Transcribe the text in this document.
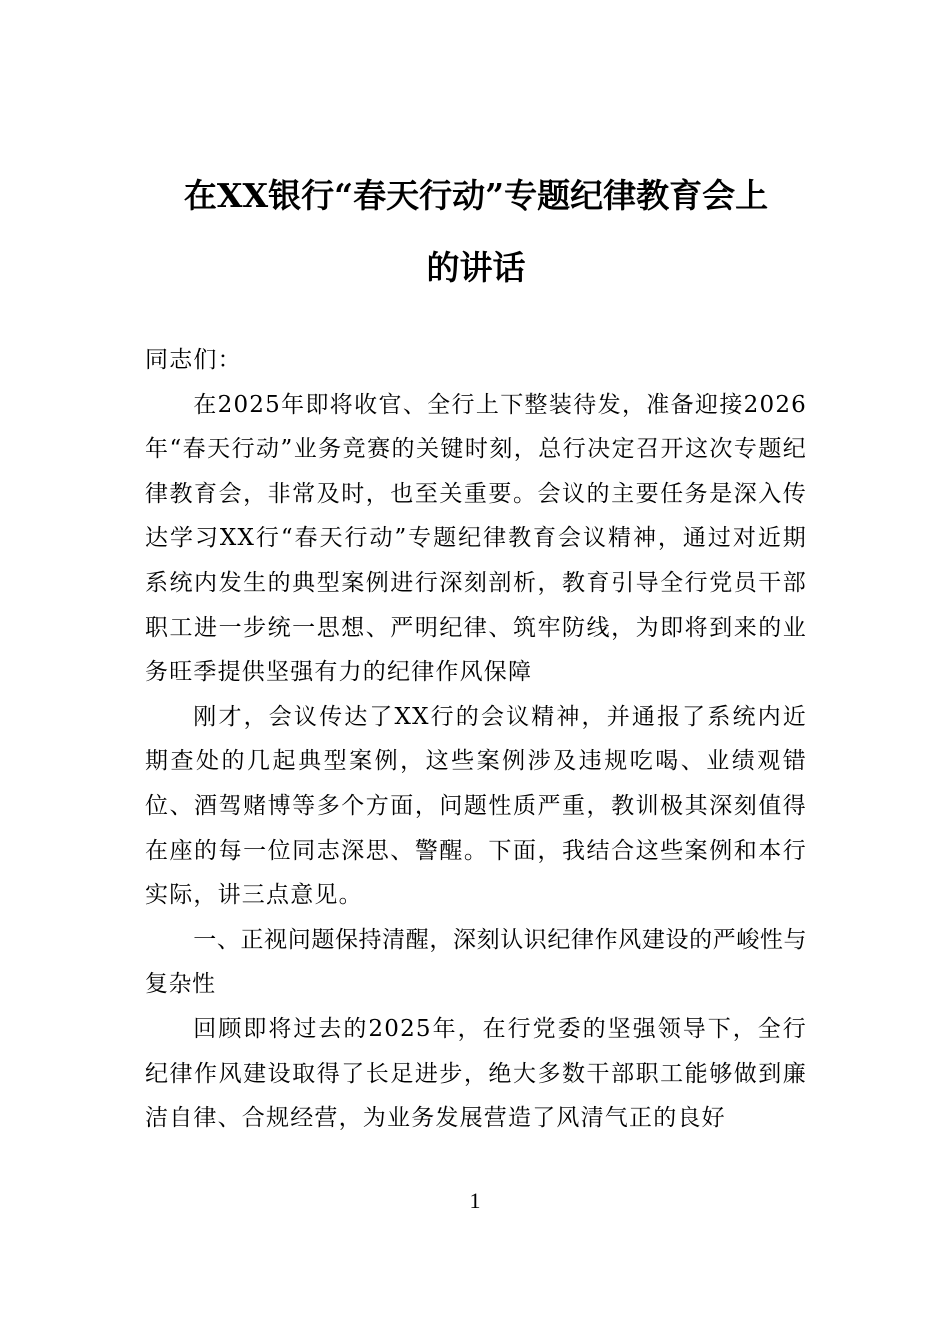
在XX银行“春天行动”专题纪律教育会上
的讲话

同志们：

在2025年即将收官、全行上下整装待发，准备迎接2026年“春天行动”业务竞赛的关键时刻，总行决定召开这次专题纪律教育会，非常及时，也至关重要。会议的主要任务是深入传达学习XX行“春天行动”专题纪律教育会议精神，通过对近期系统内发生的典型案例进行深刻剖析，教育引导全行党员干部职工进一步统一思想、严明纪律、筑牢防线，为即将到来的业务旺季提供坚强有力的纪律作风保障

刚才，会议传达了XX行的会议精神，并通报了系统内近期查处的几起典型案例，这些案例涉及违规吃喝、业绩观错位、酒驾赌博等多个方面，问题性质严重，教训极其深刻值得在座的每一位同志深思、警醒。下面，我结合这些案例和本行实际，讲三点意见。

一、正视问题保持清醒，深刻认识纪律作风建设的严峻性与复杂性

回顾即将过去的2025年，在行党委的坚强领导下，全行纪律作风建设取得了长足进步，绝大多数干部职工能够做到廉洁自律、合规经营，为业务发展营造了风清气正的良好

1
